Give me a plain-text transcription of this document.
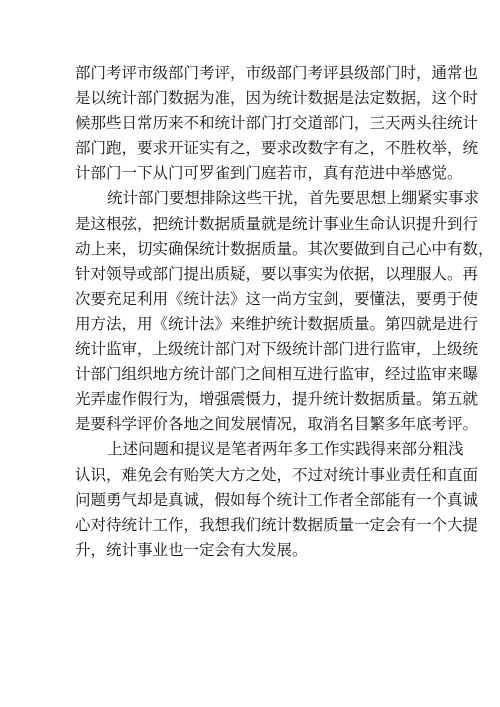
部门考评市级部门考评，市级部门考评县级部门时，通常也
是以统计部门数据为准，因为统计数据是法定数据，这个时
候那些日常历来不和统计部门打交道部门，三天两头往统计
部门跑，要求开证实有之，要求改数字有之，不胜枚举，统
计部门一下从门可罗雀到门庭若市，真有范进中举感觉。
统计部门要想排除这些干扰，首先要思想上绷紧实事求
是这根弦，把统计数据质量就是统计事业生命认识提升到行
动上来，切实确保统计数据质量。其次要做到自己心中有数，
针对领导或部门提出质疑，要以事实为依据，以理服人。再
次要充足利用《统计法》这一尚方宝剑，要懂法，要勇于使
用方法，用《统计法》来维护统计数据质量。第四就是进行
统计监审，上级统计部门对下级统计部门进行监审，上级统
计部门组织地方统计部门之间相互进行监审，经过监审来曝
光弄虚作假行为，增强震慑力，提升统计数据质量。第五就
是要科学评价各地之间发展情况，取消名目繁多年底考评。
上述问题和提议是笔者两年多工作实践得来部分粗浅
认识，难免会有贻笑大方之处，不过对统计事业责任和直面
问题勇气却是真诚，假如每个统计工作者全部能有一个真诚
心对待统计工作，我想我们统计数据质量一定会有一个大提
升，统计事业也一定会有大发展。
